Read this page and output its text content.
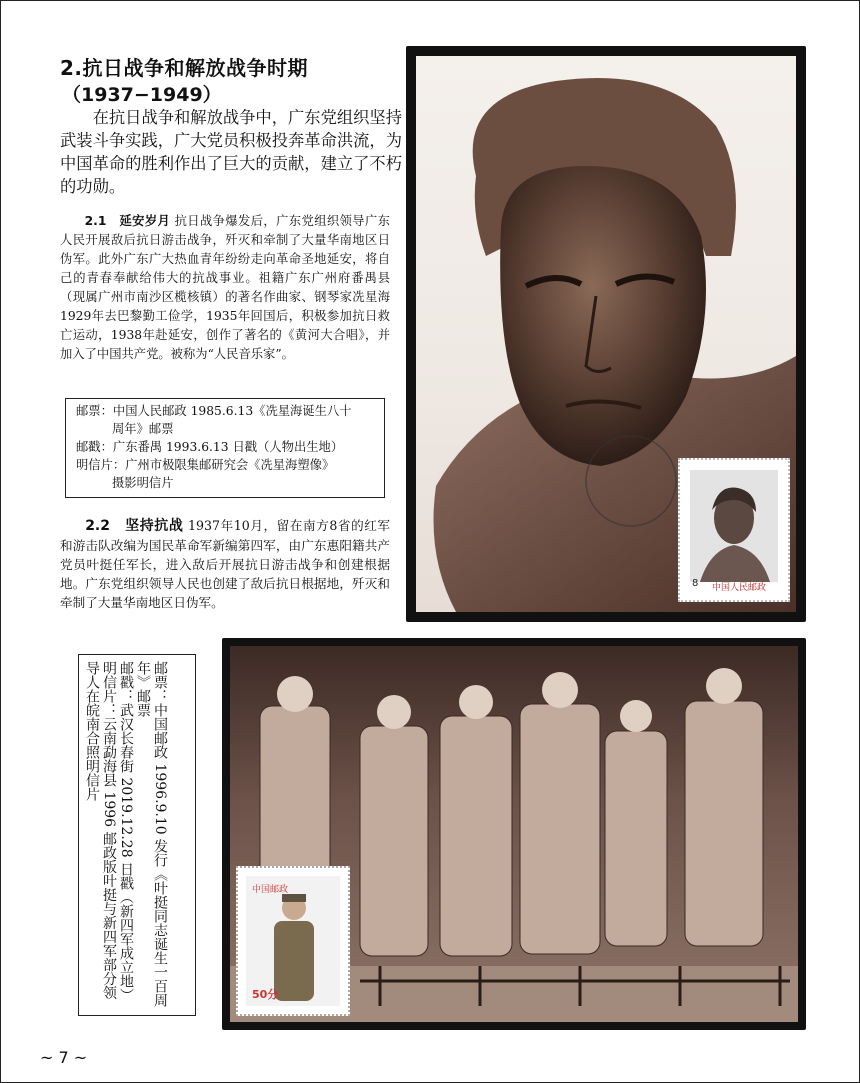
2.抗日战争和解放战争时期
（1937−1949）
在抗日战争和解放战争中，广东党组织坚持武装斗争实践，广大党员积极投奔革命洪流，为中国革命的胜利作出了巨大的贡献，建立了不朽的功勋。
2.1　延安岁月 抗日战争爆发后，广东党组织领导广东人民开展敌后抗日游击战争，歼灭和牵制了大量华南地区日伪军。此外广东广大热血青年纷纷走向革命圣地延安，将自己的青春奉献给伟大的抗战事业。祖籍广东广州府番禺县（现属广州市南沙区榄核镇）的著名作曲家、钢琴家冼星海1929年去巴黎勤工俭学，1935年回国后，积极参加抗日救亡运动，1938年赴延安，创作了著名的《黄河大合唱》，并加入了中国共产党。被称为“人民音乐家”。
邮票：中国人民邮政 1985.6.13《冼星海诞生八十
周年》邮票
邮戳：广东番禺 1993.6.13 日戳（人物出生地）
明信片：广州市极限集邮研究会《冼星海塑像》
摄影明信片
2.2　坚持抗战 1937年10月，留在南方8省的红军和游击队改编为国民革命军新编第四军，由广东惠阳籍共产党员叶挺任军长，进入敌后开展抗日游击战争和创建根据地。广东党组织领导人民也创建了敌后抗日根据地，歼灭和牵制了大量华南地区日伪军。
8 中国人民邮政
邮票：中国邮政 1996.9.10 发行《叶挺同志诞生一百周年》邮票
邮戳：武汉长春街 2019.12.28 日戳（新四军成立地）
明信片：云南勐海县 1996 邮政版叶挺与新四军部分领导人在皖南合照明信片
中国邮政
50分
~ 7 ~
